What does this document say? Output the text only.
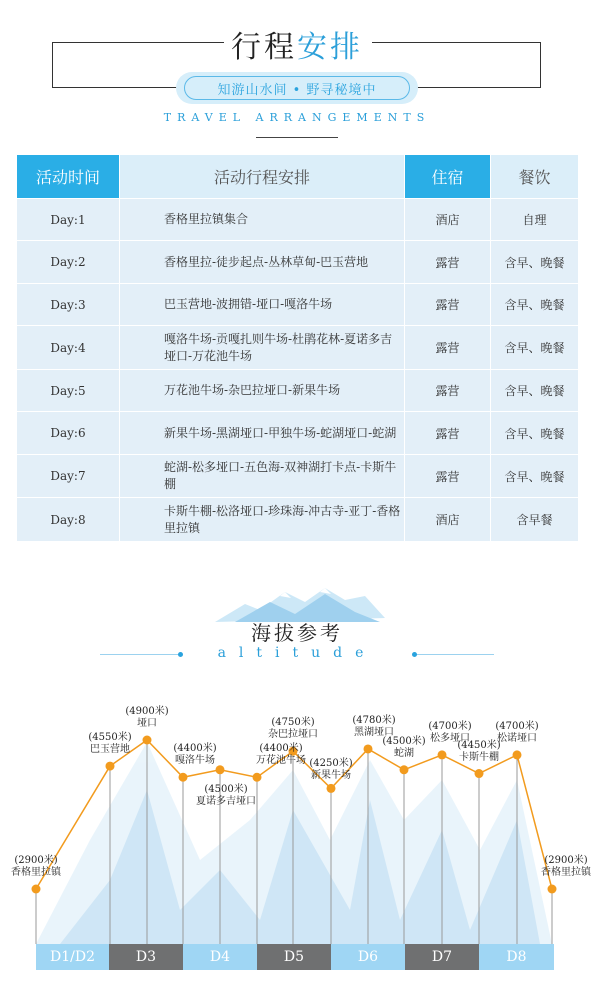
行程安排
知游山水间 • 野寻秘境中
TRAVEL ARRANGEMENTS
活动时间	活动行程安排	住宿	餐饮
Day:1	香格里拉镇集合	酒店	自理
Day:2	香格里拉-徒步起点-丛林草甸-巴玉营地	露营	含早、晚餐
Day:3	巴玉营地-波拥错-垭口-嘎洛牛场	露营	含早、晚餐
Day:4	嘎洛牛场-贡嘎扎则牛场-杜鹃花林-夏诺多吉垭口-万花池牛场	露营	含早、晚餐
Day:5	万花池牛场-杂巴拉垭口-新果牛场	露营	含早、晚餐
Day:6	新果牛场-黑湖垭口-甲独牛场-蛇湖垭口-蛇湖	露营	含早、晚餐
Day:7	蛇湖-松多垭口-五色海-双神湖打卡点-卡斯牛棚	露营	含早、晚餐
Day:8	卡斯牛棚-松洛垭口-珍珠海-冲古寺-亚丁-香格里拉镇	酒店	含早餐
海拔参考
altitude
(2900米)
香格里拉镇
(4550米)
巴玉营地
(4900米)
垭口
(4400米)
嘎洛牛场
(4500米)
夏诺多吉垭口
(4400米)
万花池牛场
(4750米)
杂巴拉垭口
(4250米)
新果牛场
(4780米)
黑湖垭口
(4500米)
蛇湖
(4700米)
松多垭口
(4450米)
卡斯牛棚
(4700米)
松诺垭口
(2900米)
香格里拉镇
D1/D2	D3	D4	D5	D6	D7	D8
